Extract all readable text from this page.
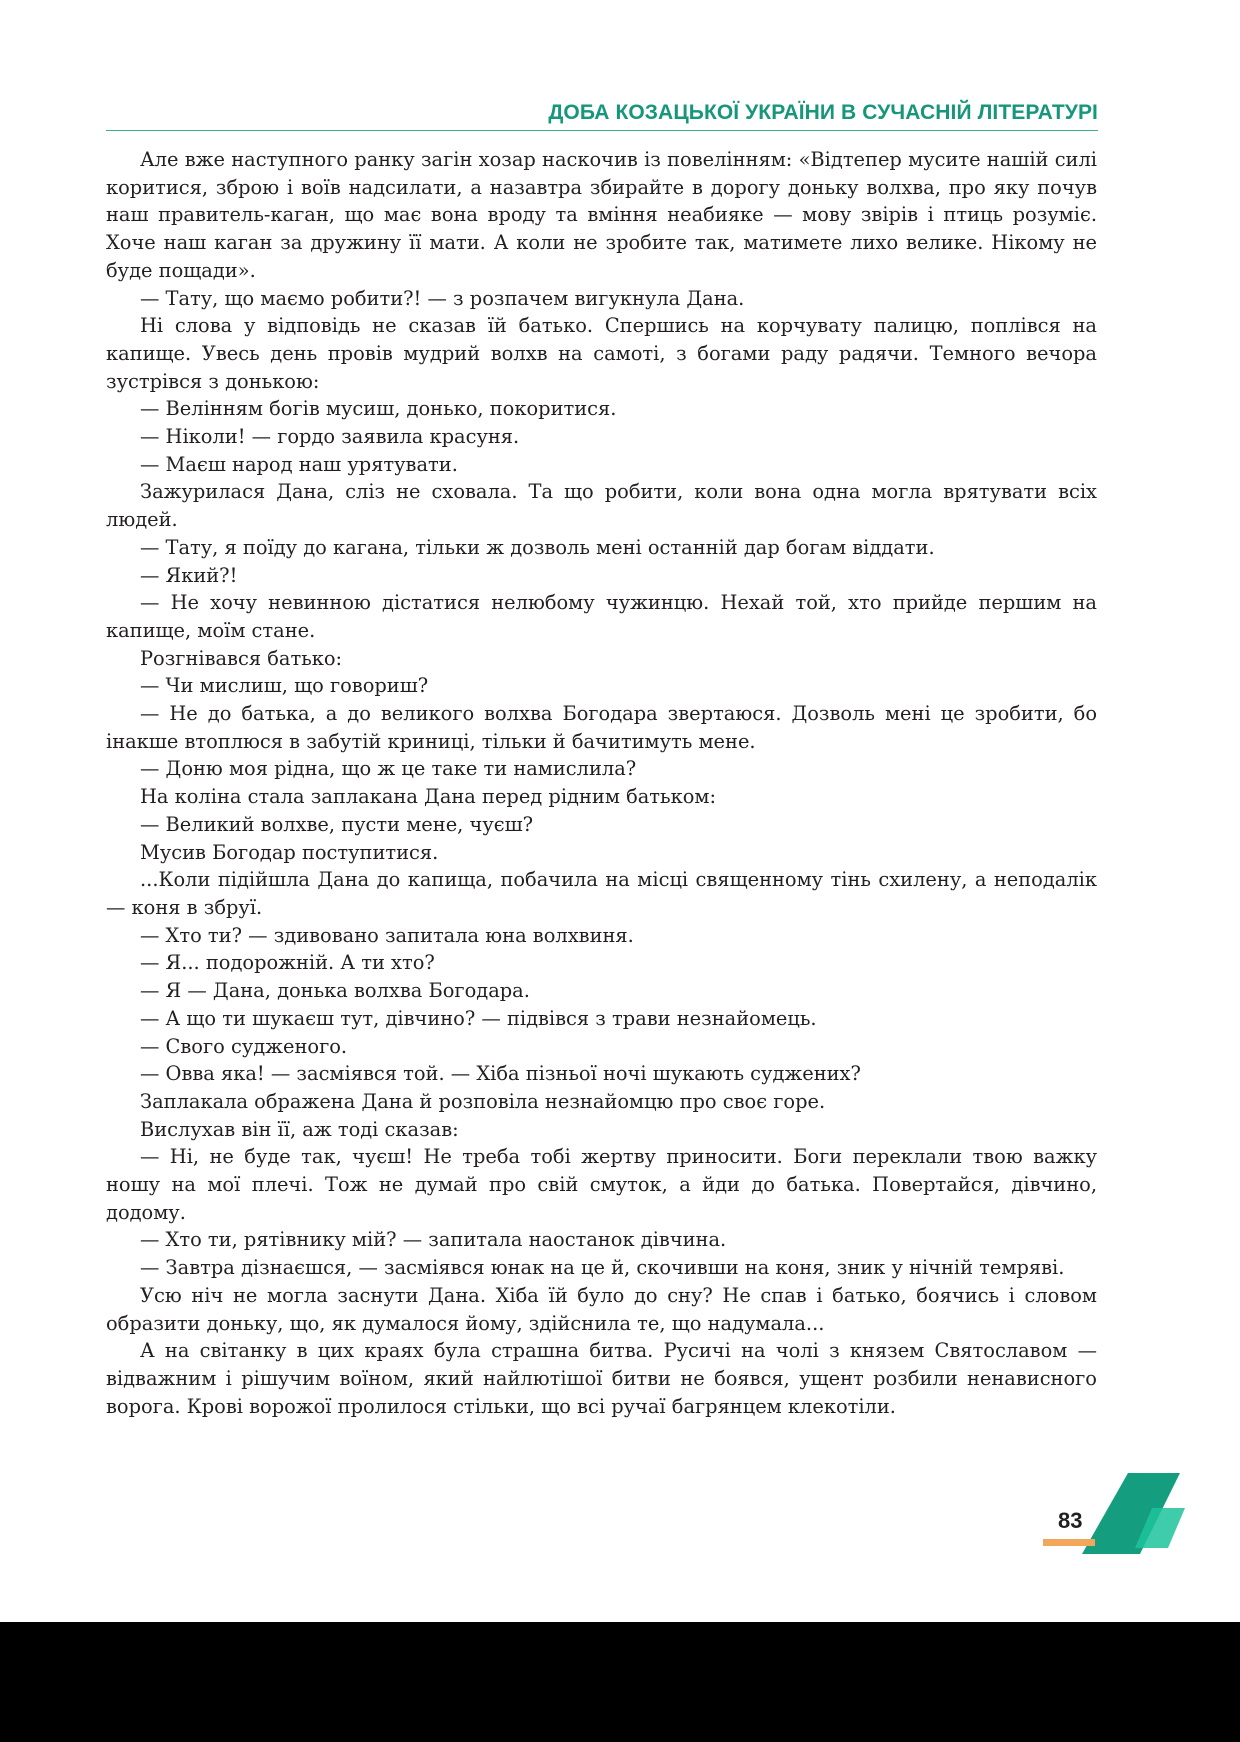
ДОБА КОЗАЦЬКОЇ УКРАЇНИ В СУЧАСНІЙ ЛІТЕРАТУРІ

Але вже наступного ранку загін хозар наскочив із повелінням: «Відтепер мусите нашій силі коритися, зброю і воїв надсилати, а назавтра збирайте в дорогу доньку волхва, про яку почув наш правитель-каган, що має вона вроду та вміння неабияке — мову звірів і птиць розуміє. Хоче наш каган за дружину її мати. А коли не зробите так, матимете лихо велике. Нікому не буде пощади».

— Тату, що маємо робити?! — з розпачем вигукнула Дана.

Ні слова у відповідь не сказав їй батько. Спершись на корчувату палицю, поплівся на капище. Увесь день провів мудрий волхв на самоті, з богами раду радячи. Темного вечора зустрівся з донькою:

— Велінням богів мусиш, донько, покоритися.

— Ніколи! — гордо заявила красуня.

— Маєш народ наш урятувати.

Зажурилася Дана, сліз не сховала. Та що робити, коли вона одна могла врятувати всіх людей.

— Тату, я поїду до кагана, тільки ж дозволь мені останній дар богам віддати.

— Який?!

— Не хочу невинною дістатися нелюбому чужинцю. Нехай той, хто прийде першим на капище, моїм стане.

Розгнівався батько:

— Чи мислиш, що говориш?

— Не до батька, а до великого волхва Богодара звертаюся. Дозволь мені це зробити, бо інакше втоплюся в забутій криниці, тільки й бачитимуть мене.

— Доню моя рідна, що ж це таке ти намислила?

На коліна стала заплакана Дана перед рідним батьком:

— Великий волхве, пусти мене, чуєш?

Мусив Богодар поступитися.

...Коли підійшла Дана до капища, побачила на місці священному тінь схилену, а неподалік — коня в збруї.

— Хто ти? — здивовано запитала юна волхвиня.

— Я... подорожній. А ти хто?

— Я — Дана, донька волхва Богодара.

— А що ти шукаєш тут, дівчино? — підвівся з трави незнайомець.

— Свого судженого.

— Овва яка! — засміявся той. — Хіба пізньої ночі шукають суджених?

Заплакала ображена Дана й розповіла незнайомцю про своє горе.

Вислухав він її, аж тоді сказав:

— Ні, не буде так, чуєш! Не треба тобі жертву приносити. Боги переклали твою важку ношу на мої плечі. Тож не думай про свій смуток, а йди до батька. Повертайся, дівчино, додому.

— Хто ти, рятівнику мій? — запитала наостанок дівчина.

— Завтра дізнаєшся, — засміявся юнак на це й, скочивши на коня, зник у нічній темряві.

Усю ніч не могла заснути Дана. Хіба їй було до сну? Не спав і батько, боячись і словом образити доньку, що, як думалося йому, здійснила те, що надумала...

А на світанку в цих краях була страшна битва. Русичі на чолі з князем Святославом — відважним і рішучим воїном, який найлютішої битви не боявся, ущент розбили ненависного ворога. Крові ворожої пролилося стільки, що всі ручаї багрянцем клекотіли.

83
